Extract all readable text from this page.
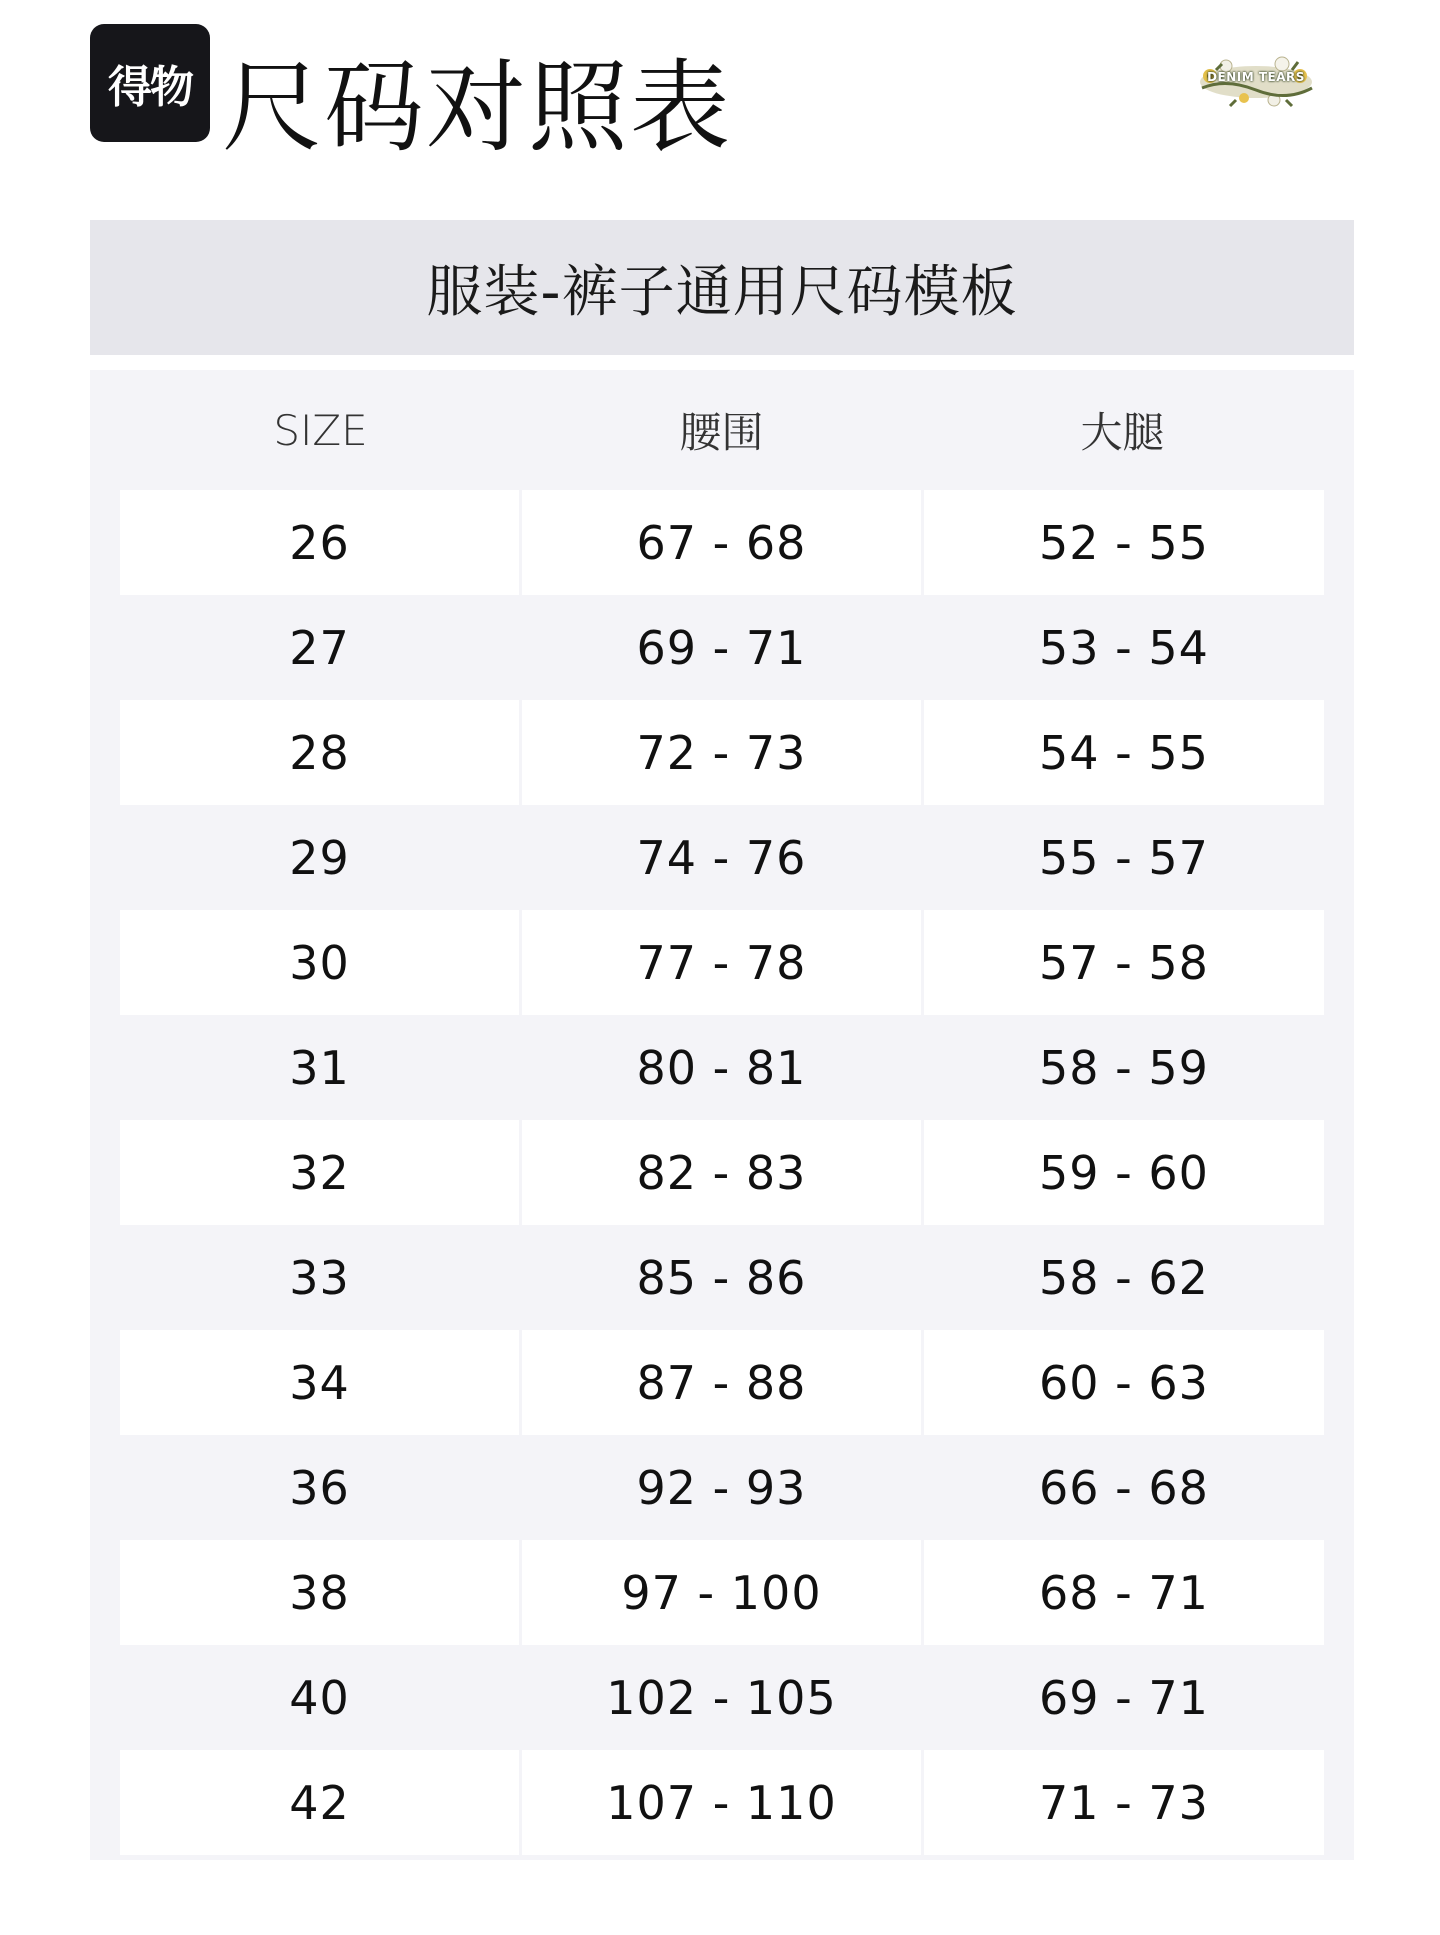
得物 尺码对照表	DENIM TEARS
服装-裤子通用尺码模板
SIZE	腰围	大腿
26	67 - 68	52 - 55
27	69 - 71	53 - 54
28	72 - 73	54 - 55
29	74 - 76	55 - 57
30	77 - 78	57 - 58
31	80 - 81	58 - 59
32	82 - 83	59 - 60
33	85 - 86	58 - 62
34	87 - 88	60 - 63
36	92 - 93	66 - 68
38	97 - 100	68 - 71
40	102 - 105	69 - 71
42	107 - 110	71 - 73
